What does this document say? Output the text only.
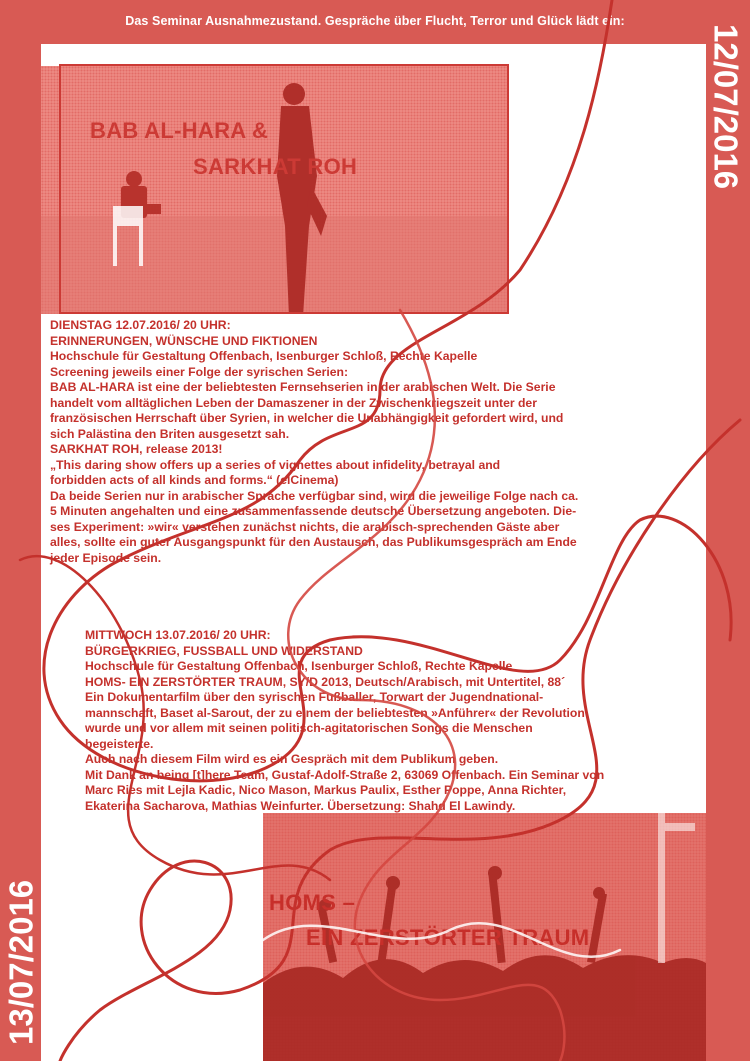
Das Seminar Ausnahmezustand. Gespräche über Flucht, Terror und Glück lädt ein:
12/07/2016
13/07/2016
BAB AL-HARA &
SARKHAT ROH

DIENSTAG 12.07.2016/ 20 UHR:

ERINNERUNGEN, WÜNSCHE UND FIKTIONEN

Hochschule für Gestaltung Offenbach, Isenburger Schloß, Rechte Kapelle

Screening jeweils einer Folge der syrischen Serien:

BAB AL-HARA ist eine der beliebtesten Fernsehserien in der arabischen Welt. Die Serie

handelt vom alltäglichen Leben der Damaszener in der Zwischenkriegszeit unter der

französischen Herrschaft über Syrien, in welcher die Unabhängigkeit gefordert wird, und

sich Palästina den Briten ausgesetzt sah.

SARKHAT ROH, release 2013!

„This daring show offers up a series of vignettes about infidelity, betrayal and

forbidden acts of all kinds and forms.“ (elCinema)

Da beide Serien nur in arabischer Sprache verfügbar sind, wird die jeweilige Folge nach ca.

5 Minuten angehalten und eine zusammenfassende deutsche Übersetzung angeboten. Die-

ses Experiment: »wir« verstehen zunächst nichts, die arabisch-sprechenden Gäste aber

alles, sollte ein guter Ausgangspunkt für den Austausch, das Publikumsgespräch am Ende

jeder Episode sein.

MITTWOCH 13.07.2016/ 20 UHR:

BÜRGERKRIEG, FUSSBALL UND WIDERSTAND

Hochschule für Gestaltung Offenbach, Isenburger Schloß, Rechte Kapelle

HOMS- EIN ZERSTÖRTER TRAUM, SY/D 2013, Deutsch/Arabisch, mit Untertitel, 88´

Ein Dokumentarfilm über den syrischen Fußballer, Torwart der Jugendnational-

mannschaft, Baset al-Sarout, der zu einem der beliebtesten »Anführer« der Revolution

wurde und vor allem mit seinen politisch-agitatorischen Songs die Menschen

begeisterte.

Auch nach diesem Film wird es ein Gespräch mit dem Publikum geben.

Mit Dank an being [t]here Team, Gustaf-Adolf-Straße 2, 63069 Offenbach. Ein Seminar von

Marc Ries mit Lejla Kadic, Nico Mason, Markus Paulix, Esther Poppe, Anna Richter,

Ekaterina Sacharova, Mathias Weinfurter. Übersetzung: Shahd El Lawindy.

HOMS –
EIN ZERSTÖRTER TRAUM
